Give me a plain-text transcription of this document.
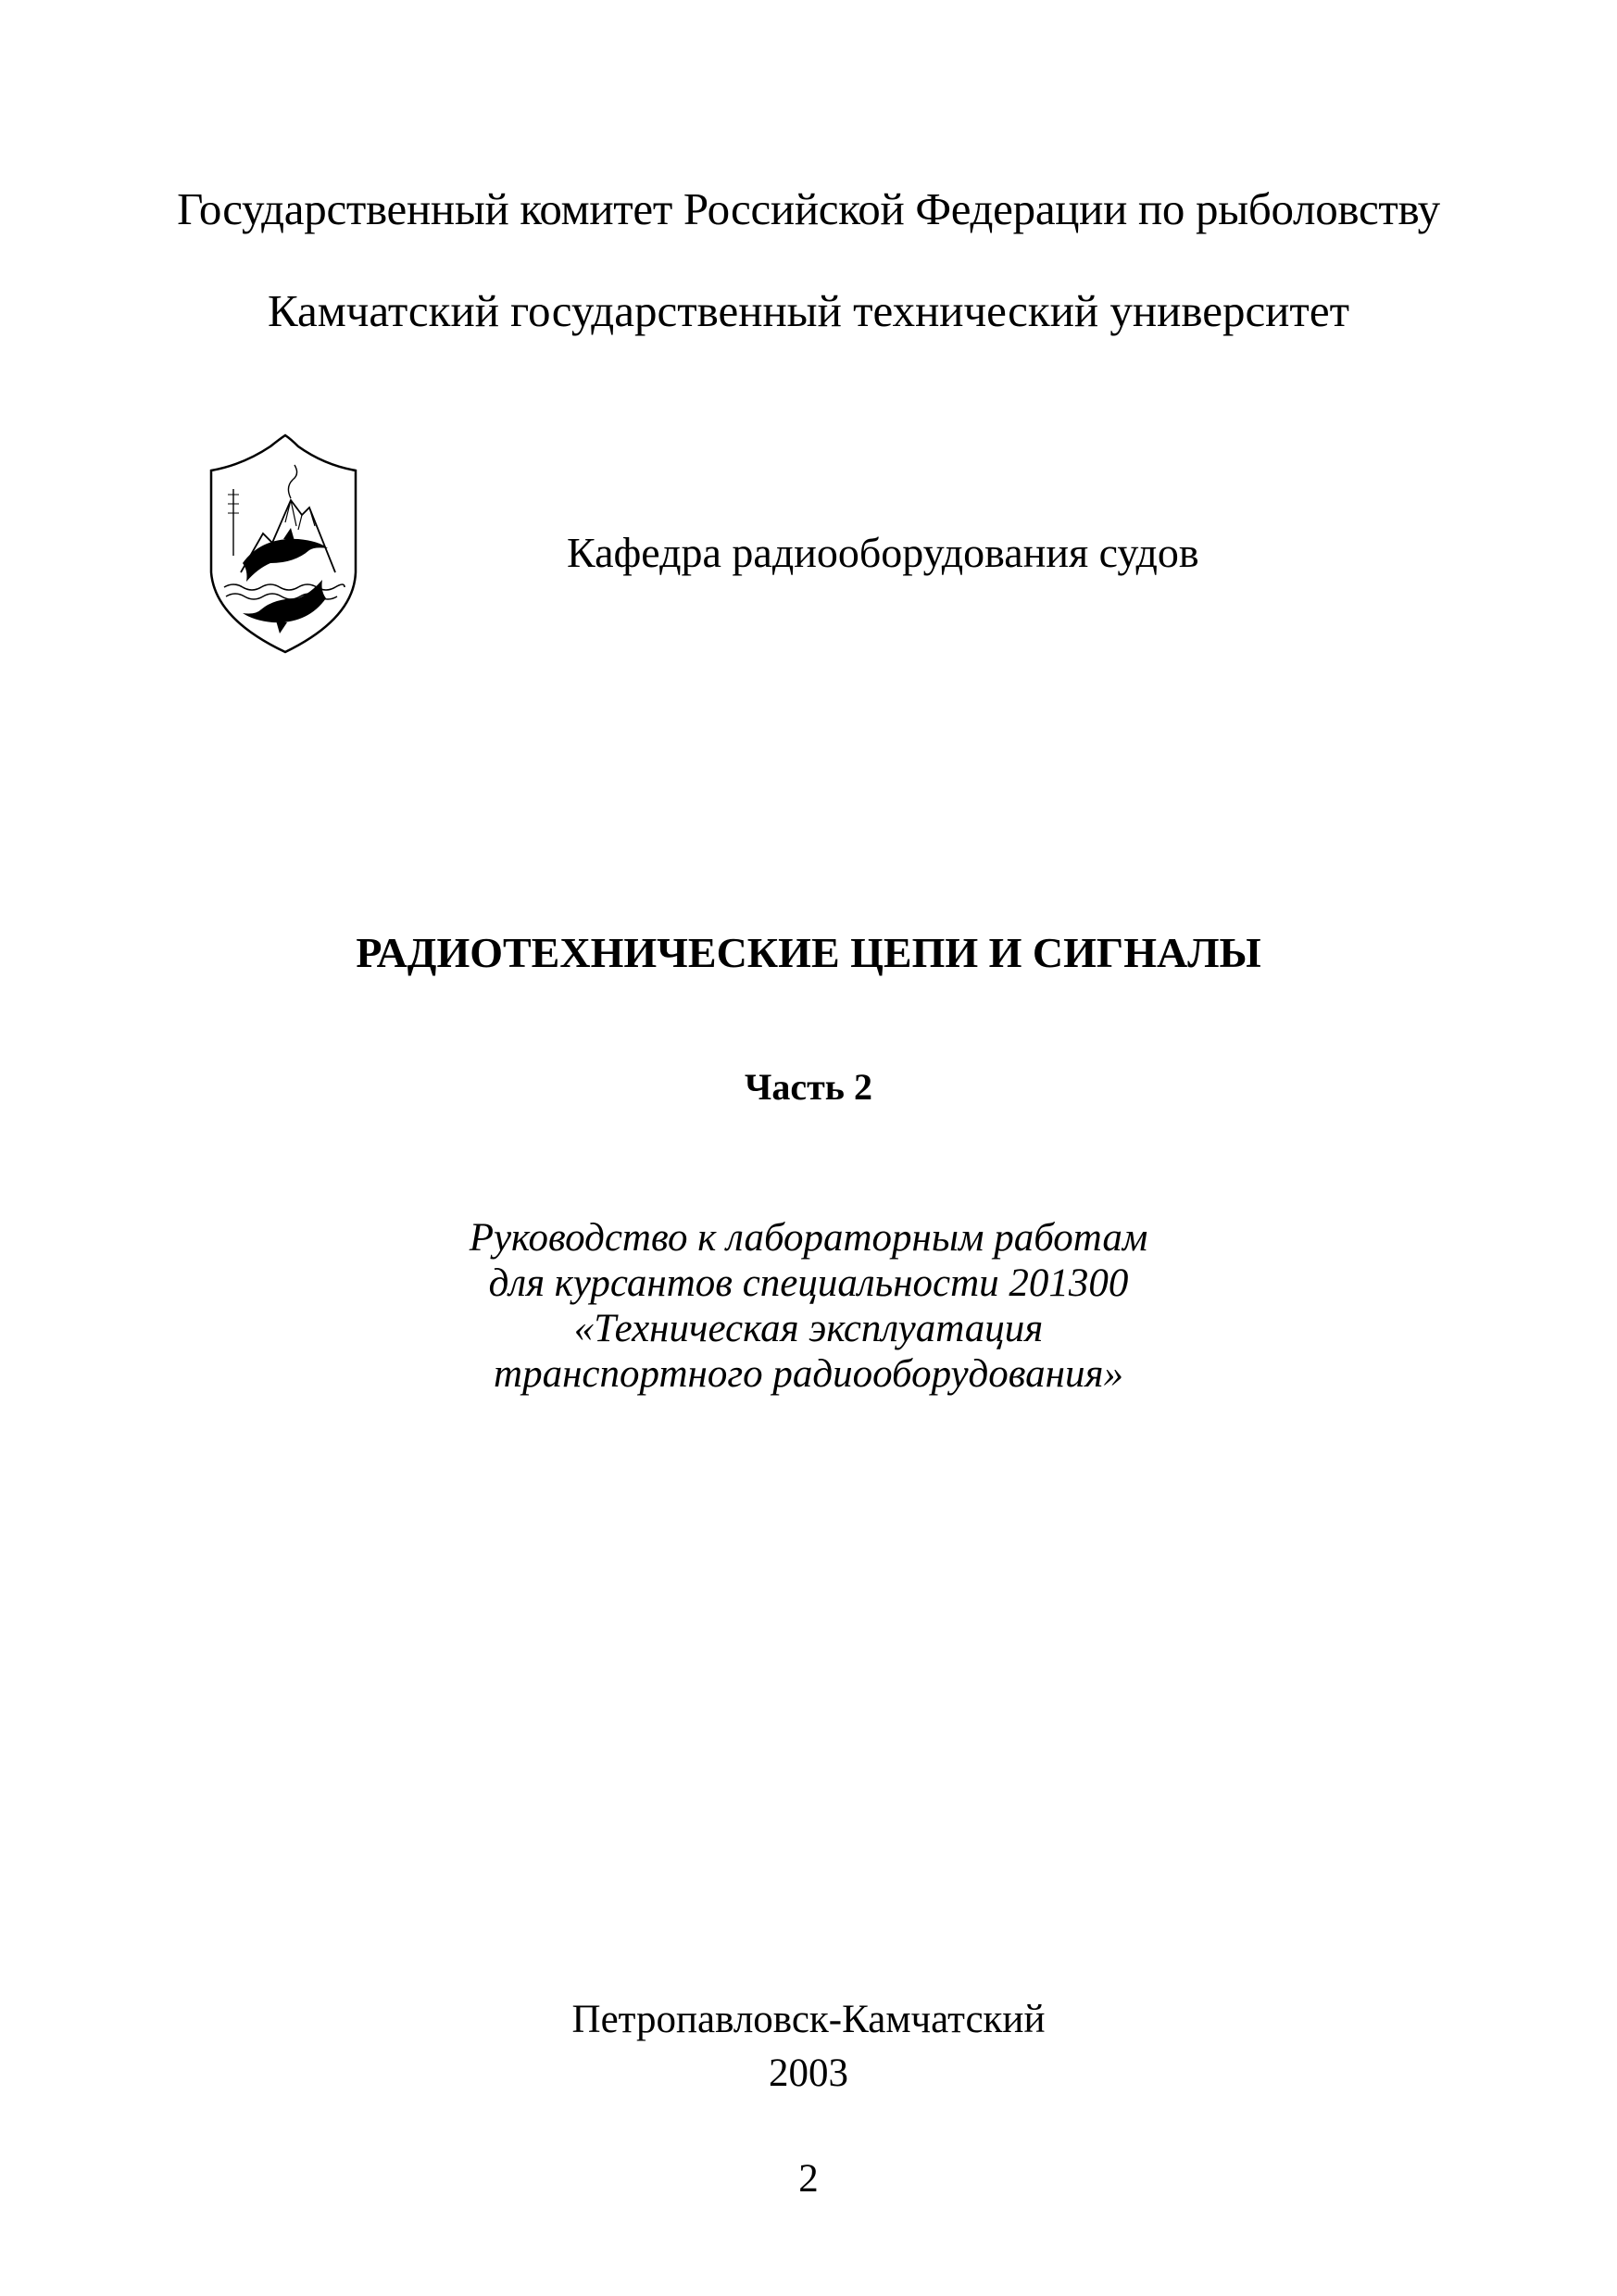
Государственный комитет Российской Федерации по рыболовству
Камчатский государственный технический университет
Кафедра радиооборудования судов
РАДИОТЕХНИЧЕСКИЕ ЦЕПИ И СИГНАЛЫ
Часть 2
Руководство к лабораторным работам
для курсантов специальности 201300
«Техническая эксплуатация
транспортного радиооборудования»
Петропавловск-Камчатский
2003
2
